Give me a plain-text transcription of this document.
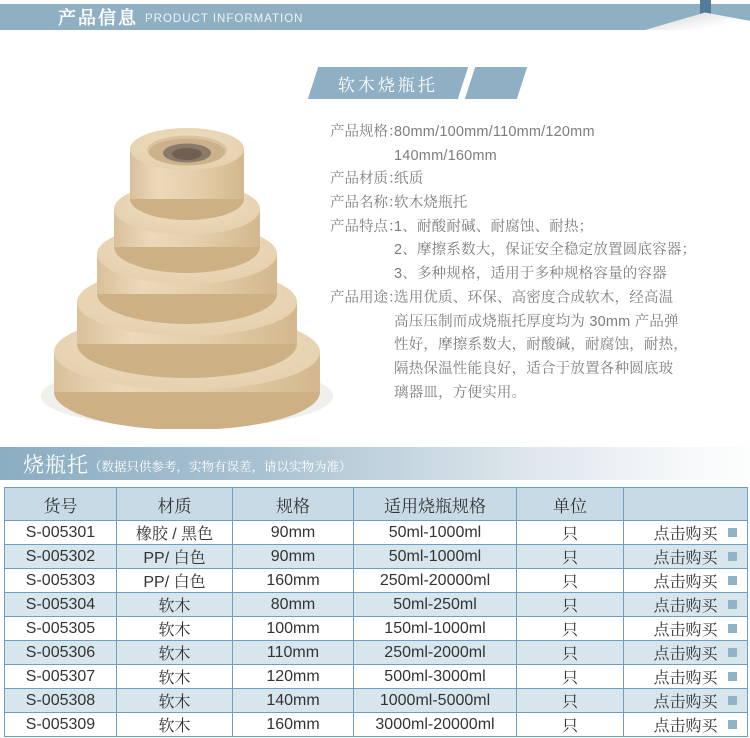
产品信息 PRODUCT INFORMATION
软木烧瓶托
产品规格：
80mm/100mm/110mm/120mm
140mm/160mm
产品材质：
纸质
产品名称：
软木烧瓶托
产品特点：
1、耐酸耐碱、耐腐蚀、耐热；
2、摩擦系数大，保证安全稳定放置圆底容器；
3、多种规格，适用于多种规格容量的容器
产品用途：
选用优质、环保、高密度合成软木，经高温
高压压制而成烧瓶托厚度均为 30mm 产品弹
性好，摩擦系数大，耐酸碱，耐腐蚀，耐热，
隔热保温性能良好，适合于放置各种圆底玻
璃器皿，方便实用。
烧瓶托 （数据只供参考，实物有误差，请以实物为准）
货号	材质	规格	适用烧瓶规格	单位	
S-005301	橡胶 / 黑色	90mm	50ml-1000ml	只	点击购买

S-005302	PP/ 白色	90mm	50ml-1000ml	只	点击购买

S-005303	PP/ 白色	160mm	250ml-20000ml	只	点击购买

S-005304	软木	80mm	50ml-250ml	只	点击购买

S-005305	软木	100mm	150ml-1000ml	只	点击购买

S-005306	软木	110mm	250ml-2000ml	只	点击购买

S-005307	软木	120mm	500ml-3000ml	只	点击购买

S-005308	软木	140mm	1000ml-5000ml	只	点击购买

S-005309	软木	160mm	3000ml-20000ml	只	点击购买
